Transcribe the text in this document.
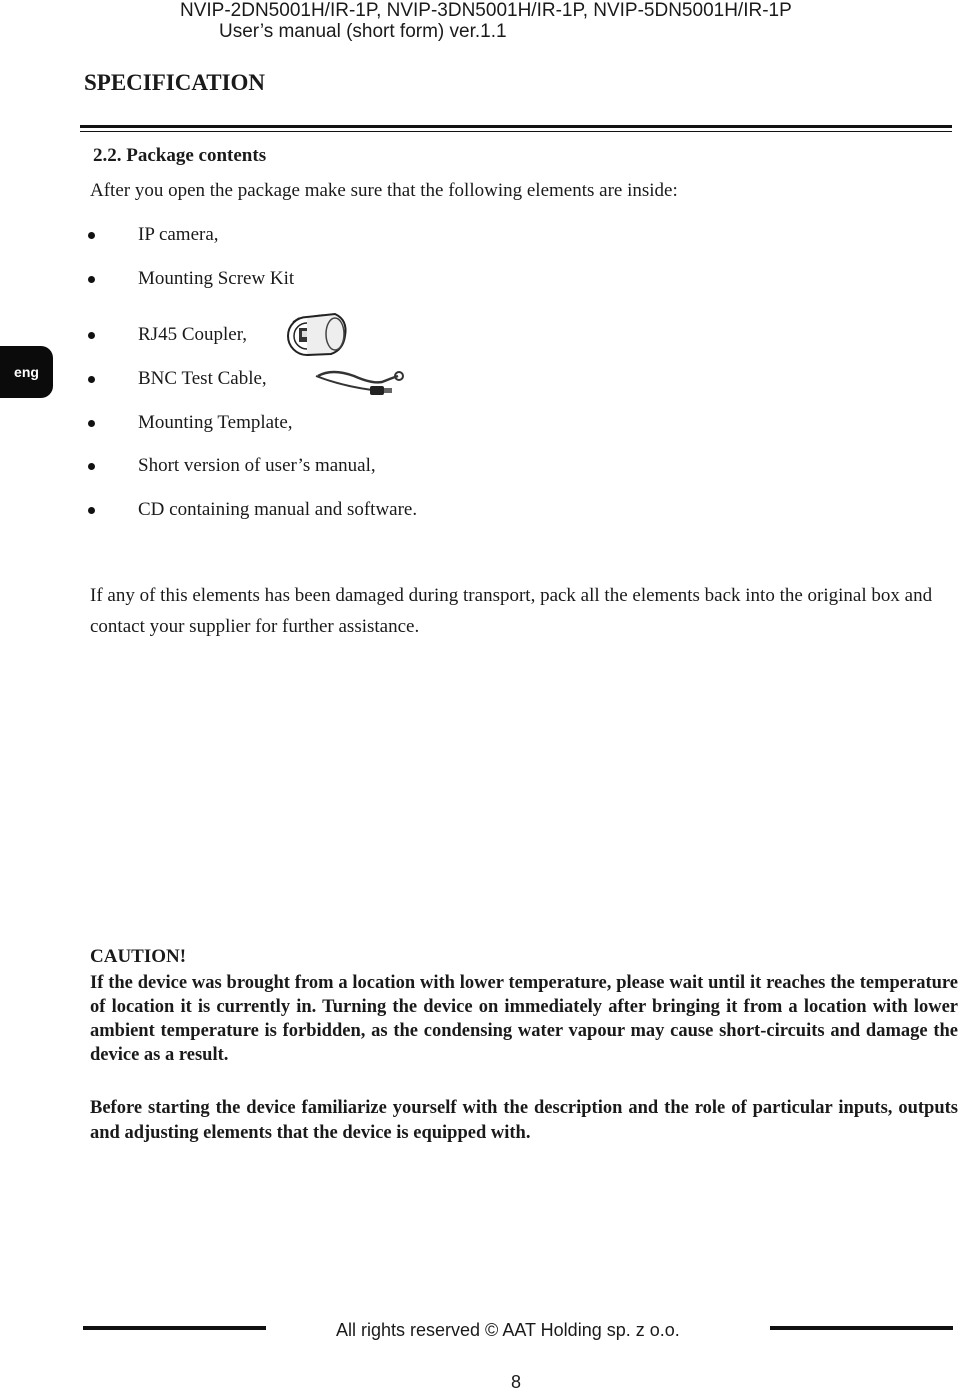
NVIP-2DN5001H/IR-1P, NVIP-3DN5001H/IR-1P, NVIP-5DN5001H/IR-1P
User’s manual (short form) ver.1.1
SPECIFICATION
eng
2.2. Package contents
After you open the package make sure that the following elements are inside:
IP camera,
Mounting Screw Kit
RJ45 Coupler,
BNC Test Cable,
Mounting Template,
Short version of user’s manual,
CD containing manual and software.
If any of this elements has been damaged during transport, pack all the elements back into the original box and contact your supplier for further assistance.
CAUTION!
If the device was brought from a location with lower temperature, please wait until it reaches the temperature of location it is currently in. Turning the device on immediately after bringing it from a location with lower ambient temperature is forbidden, as the condensing water vapour may cause short-circuits and damage the device as a result.
Before starting the device familiarize yourself with the description and the role of particular inputs, outputs and adjusting elements that the device is equipped with.
All rights reserved © AAT Holding sp. z o.o.
8
